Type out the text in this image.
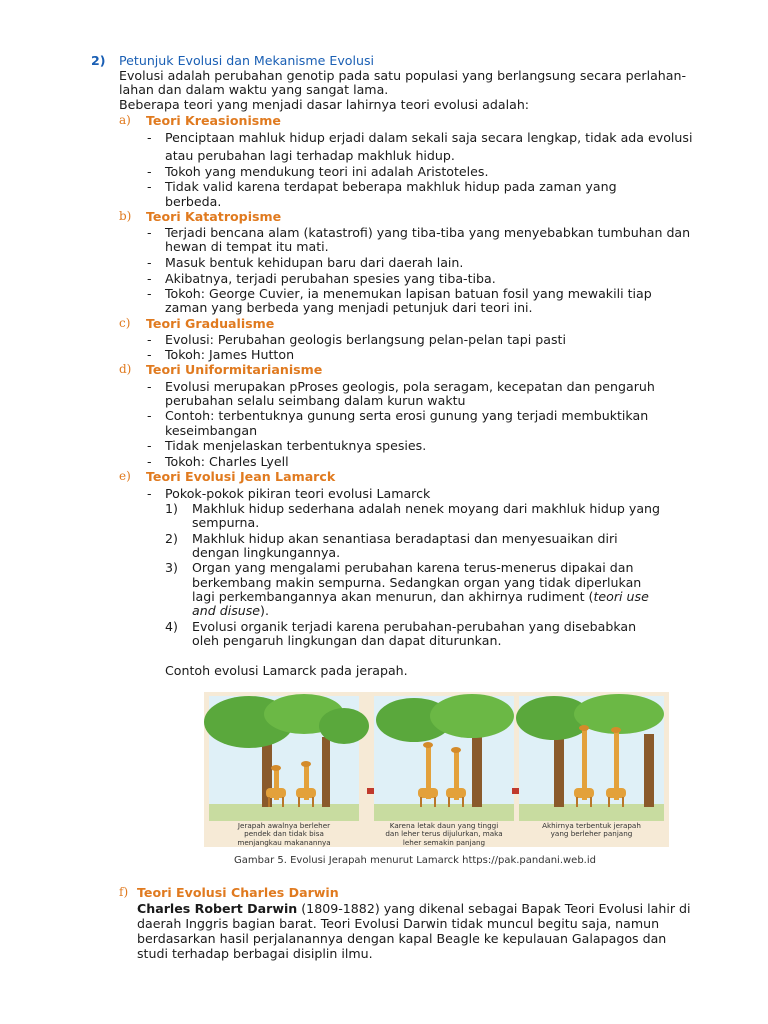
2) Petunjuk Evolusi dan Mekanisme Evolusi
Evolusi adalah perubahan genotip pada satu populasi yang berlangsung secara perlahan-
lahan dan dalam waktu yang sangat lama.
Beberapa teori yang menjadi dasar lahirnya teori evolusi adalah:
a) Teori Kreasionisme
- Penciptaan mahluk hidup erjadi dalam sekali saja secara lengkap, tidak ada evolusi
atau perubahan lagi terhadap makhluk hidup.
- Tokoh yang mendukung teori ini adalah Aristoteles.
- Tidak valid karena terdapat beberapa makhluk hidup pada zaman yang
berbeda.
b) Teori Katatropisme
- Terjadi bencana alam (katastrofi) yang tiba-tiba yang menyebabkan tumbuhan dan
hewan di tempat itu mati.
- Masuk bentuk kehidupan baru dari daerah lain.
- Akibatnya, terjadi perubahan spesies yang tiba-tiba.
- Tokoh: George Cuvier, ia menemukan lapisan batuan fosil yang mewakili tiap
zaman yang berbeda yang menjadi petunjuk dari teori ini.
c) Teori Gradualisme
- Evolusi: Perubahan geologis berlangsung pelan-pelan tapi pasti
- Tokoh: James Hutton
d) Teori Uniformitarianisme
- Evolusi merupakan pProses geologis, pola seragam, kecepatan dan pengaruh
perubahan selalu seimbang dalam kurun waktu
- Contoh: terbentuknya gunung serta erosi gunung yang terjadi membuktikan
keseimbangan
- Tidak menjelaskan terbentuknya spesies.
- Tokoh: Charles Lyell
e) Teori Evolusi Jean Lamarck
- Pokok-pokok pikiran teori evolusi Lamarck
1) Makhluk hidup sederhana adalah nenek moyang dari makhluk hidup yang
sempurna.
2) Makhluk hidup akan senantiasa beradaptasi dan menyesuaikan diri
dengan lingkungannya.
3) Organ yang mengalami perubahan karena terus-menerus dipakai dan
berkembang makin sempurna. Sedangkan organ yang tidak diperlukan
lagi perkembangannya akan menurun, dan akhirnya rudiment (teori use
and disuse).
4) Evolusi organik terjadi karena perubahan-perubahan yang disebabkan
oleh pengaruh lingkungan dan dapat diturunkan.
Contoh evolusi Lamarck pada jerapah.
Jerapah awalnya berleher pendek dan tidak bisa menjangkau makanannya
Karena letak daun yang tinggi dan leher terus dijulurkan, maka leher semakin panjang
Akhirnya terbentuk jerapah yang berleher panjang
Gambar 5. Evolusi Jerapah menurut Lamarck https://pak.pandani.web.id
f) Teori Evolusi Charles Darwin
Charles Robert Darwin (1809-1882) yang dikenal sebagai Bapak Teori Evolusi lahir di
daerah Inggris bagian barat. Teori Evolusi Darwin tidak muncul begitu saja, namun
berdasarkan hasil perjalanannya dengan kapal Beagle ke kepulauan Galapagos dan
studi terhadap berbagai disiplin ilmu.
